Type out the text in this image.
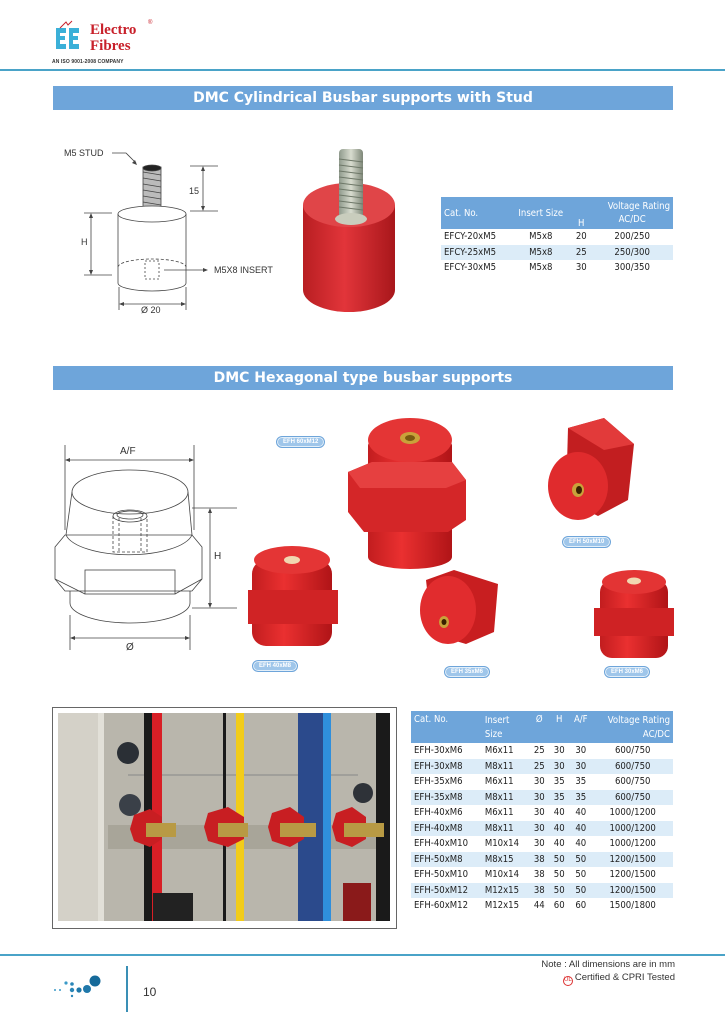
Electro
Fibres
®
AN ISO 9001-2008 COMPANY
DMC Cylindrical Busbar supports with Stud
M5 STUD
15
H
M5X8 INSERT
Ø 20
Cat. No.	Insert Size	H	Voltage Rating
AC/DC

EFCY-20xM5	M5x8	20	200/250
EFCY-25xM5	M5x8	25	250/300
EFCY-30xM5	M5x8	30	300/350
DMC Hexagonal type busbar supports
A/F
H
Ø
EFH 60xM12
EFH 50xM10
EFH 40xM8
EFH 35xM6	EFH 30xM6
Cat. No.	Insert
Size
	Ø	H	A/F	Voltage Rating
AC/DC

EFH-30xM6	M6x11	25	30	30	600/750
EFH-30xM8	M8x11	25	30	30	600/750
EFH-35xM6	M6x11	30	35	35	600/750
EFH-35xM8	M8x11	30	35	35	600/750
EFH-40xM6	M6x11	30	40	40	1000/1200
EFH-40xM8	M8x11	30	40	40	1000/1200
EFH-40xM10	M10x14	30	40	40	1000/1200
EFH-50xM8	M8x15	38	50	50	1200/1500
EFH-50xM10	M10x14	38	50	50	1200/1500
EFH-50xM12	M12x15	38	50	50	1200/1500
EFH-60xM12	M12x15	44	60	60	1500/1800
10
Note : All dimensions are in mm
UL Certified & CPRI Tested
